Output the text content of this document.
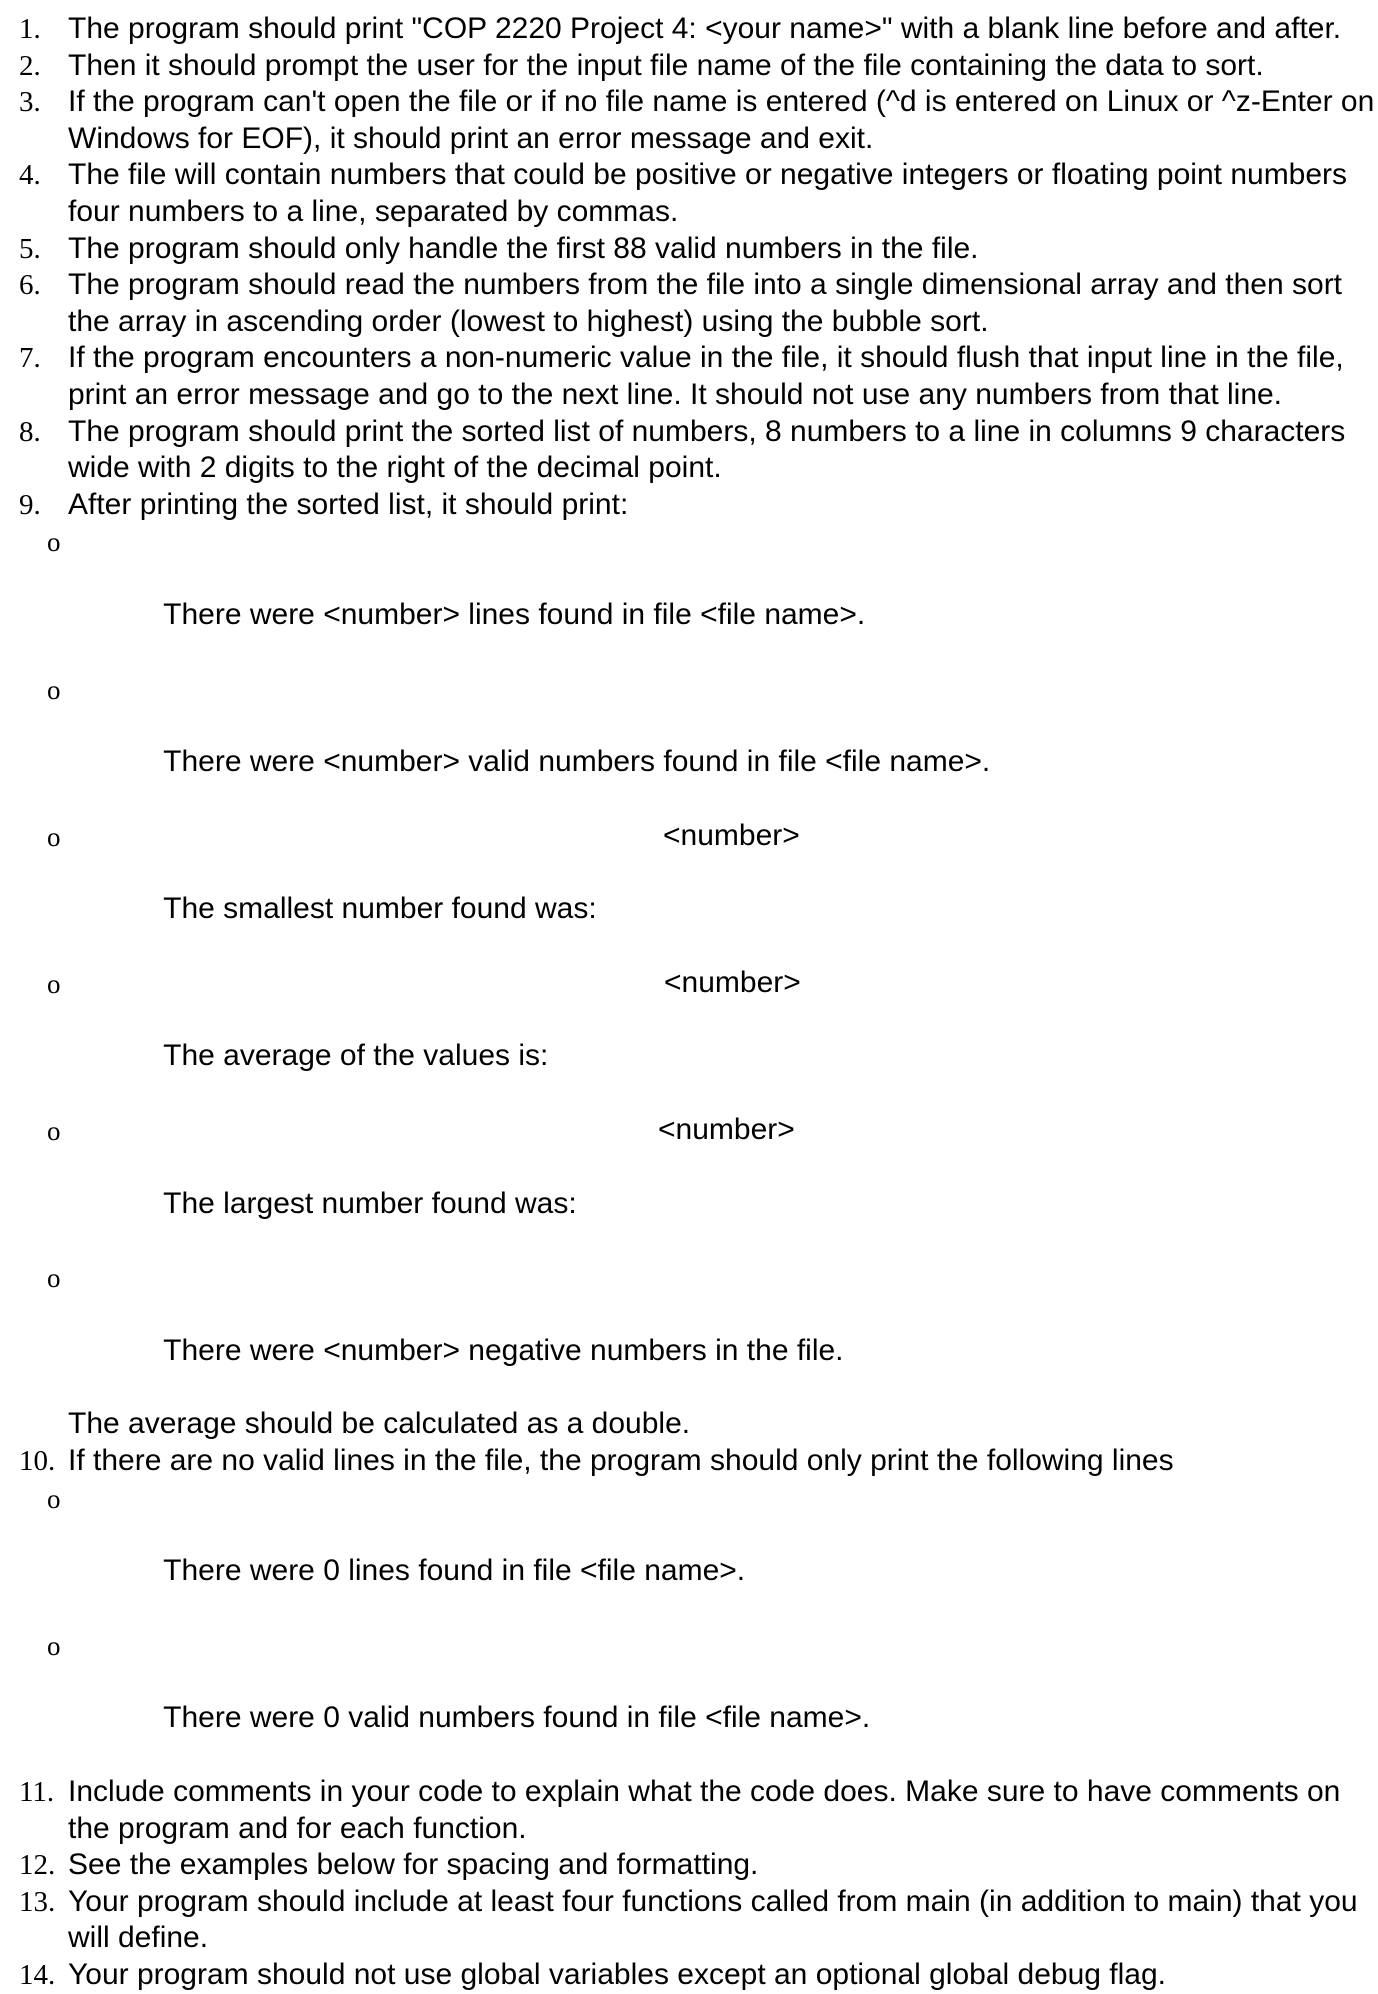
1. The program should print "COP 2220 Project 4: <your name>" with a blank line before and after.
2. Then it should prompt the user for the input file name of the file containing the data to sort.
3. If the program can't open the file or if no file name is entered (^d is entered on Linux or ^z-Enter on Windows for EOF), it should print an error message and exit.
4. The file will contain numbers that could be positive or negative integers or floating point numbers four numbers to a line, separated by commas.
5. The program should only handle the first 88 valid numbers in the file.
6. The program should read the numbers from the file into a single dimensional array and then sort the array in ascending order (lowest to highest) using the bubble sort.
7. If the program encounters a non-numeric value in the file, it should flush that input line in the file, print an error message and go to the next line. It should not use any numbers from that line.
8. The program should print the sorted list of numbers, 8 numbers to a line in columns 9 characters wide with 2 digits to the right of the decimal point.
9. After printing the sorted list, it should print:

o

There were <number> lines found in file <file name>.

o

There were <number> valid numbers found in file <file name>.

o

The smallest number found was:
<number>

o

The average of the values is:
<number>

o

The largest number found was:
<number>

o

There were <number> negative numbers in the file.

The average should be calculated as a double.
10. If there are no valid lines in the file, the program should only print the following lines

o

There were 0 lines found in file <file name>.

o

There were 0 valid numbers found in file <file name>.

11. Include comments in your code to explain what the code does. Make sure to have comments on the program and for each function.
12. See the examples below for spacing and formatting.
13. Your program should include at least four functions called from main (in addition to main) that you will define.
14. Your program should not use global variables except an optional global debug flag.
